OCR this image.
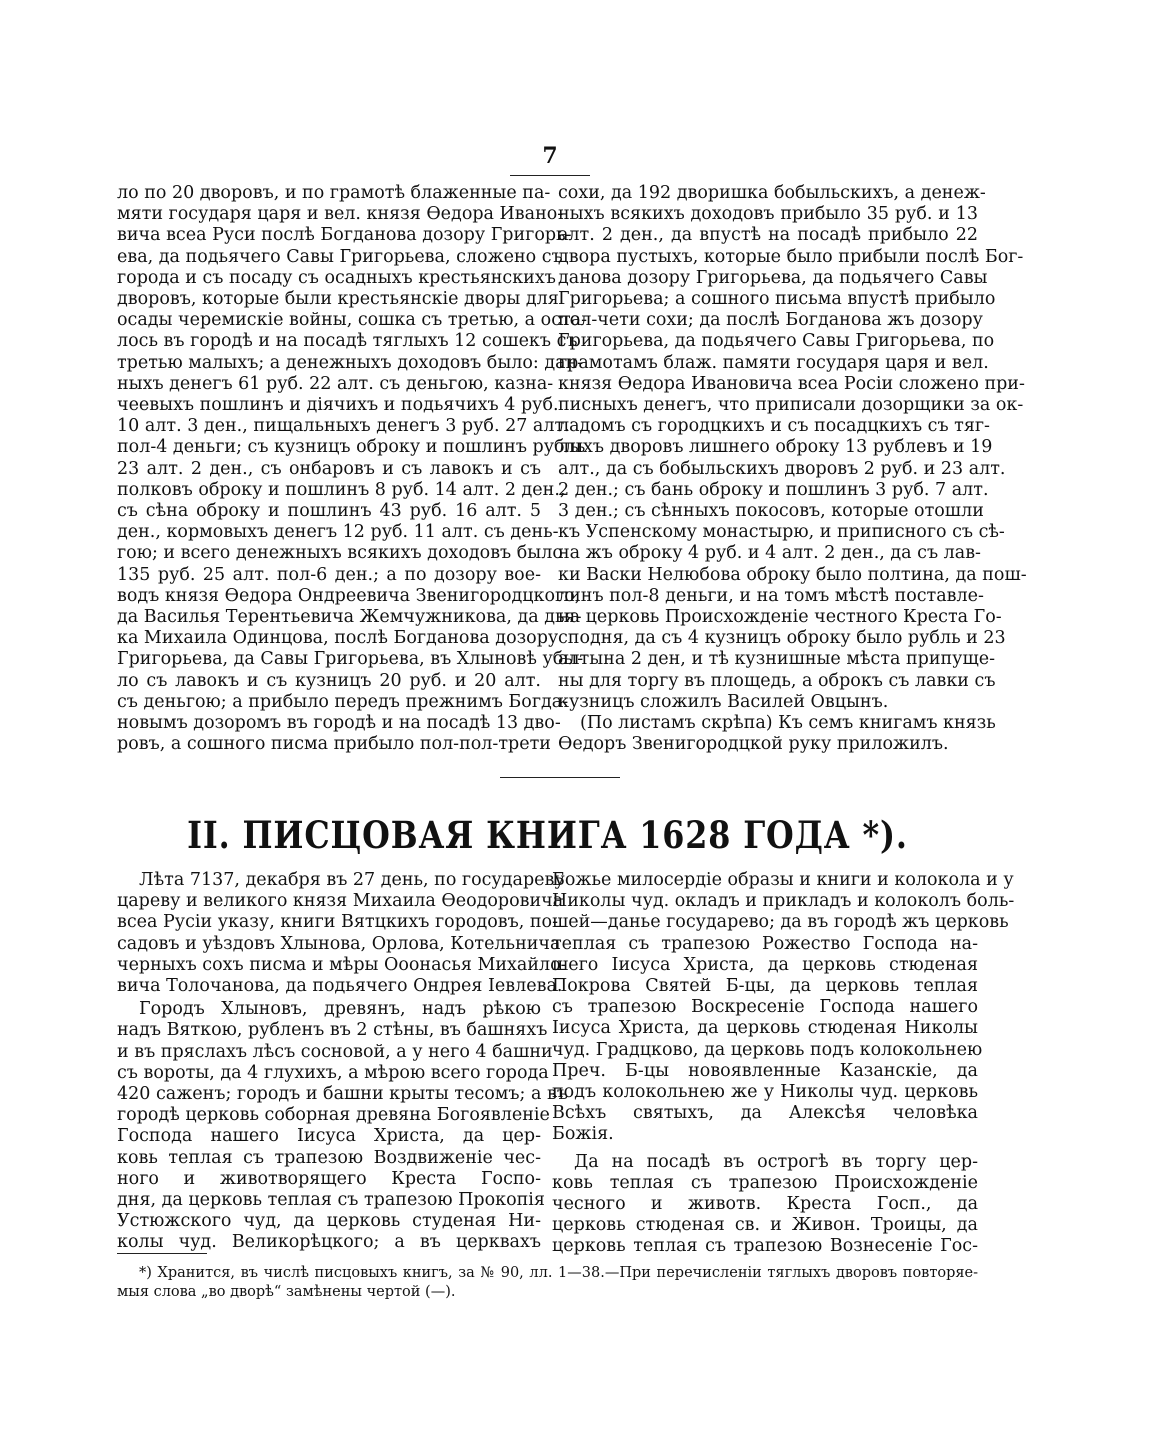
7
ло по 20 дворовъ, и по грамотѣ блаженные па-
мяти государя царя и вел. князя Ѳедора Ивано-
вича всеа Руси послѣ Богданова дозору Григорь-
ева, да подьячего Савы Григорьева, сложено съ
города и съ посаду съ осадныхъ крестьянскихъ
дворовъ, которые были крестьянскіе дворы для
осады черемискіе войны, сошка съ третью, а оста-
лось въ городѣ и на посадѣ тяглыхъ 12 сошекъ съ
третью малыхъ; а денежныхъ доходовъ было: дан-
ныхъ денегъ 61 руб. 22 алт. съ деньгою, казна-
чеевыхъ пошлинъ и дiячихъ и подьячихъ 4 руб.
10 алт. 3 ден., пищальныхъ денегъ 3 руб. 27 алт.
пол-4 деньги; съ кузницъ оброку и пошлинъ рубль
23 алт. 2 ден., съ онбаровъ и съ лавокъ и съ
полковъ оброку и пошлинъ 8 руб. 14 алт. 2 ден.,
съ сѣна оброку и пошлинъ 43 руб. 16 алт. 5
ден., кормовыхъ денегъ 12 руб. 11 алт. съ день-
гою; и всего денежныхъ всякихъ доходовъ было
135 руб. 25 алт. пол-6 ден.; а по дозору вое-
водъ князя Ѳедора Ондреевича Звенигородцкого,
да Василья Терентьевича Жемчужникова, да дья-
ка Михаила Одинцова, послѣ Богданова дозору
Григорьева, да Савы Григорьева, въ Хлыновѣ убы-
ло съ лавокъ и съ кузницъ 20 руб. и 20 алт.
съ деньгою; а прибыло передъ прежнимъ Богда-
новымъ дозоромъ въ городѣ и на посадѣ 13 дво-
ровъ, а сошного писма прибыло пол-пол-трети
сохи, да 192 дворишка бобыльскихъ, а денеж-
ныхъ всякихъ доходовъ прибыло 35 руб. и 13
алт. 2 ден., да впустѣ на посадѣ прибыло 22
двора пустыхъ, которые было прибыли послѣ Бог-
данова дозору Григорьева, да подьячего Савы
Григорьева; а сошного письма впустѣ прибыло
пол-чети сохи; да послѣ Богданова жъ дозору
Григорьева, да подьячего Савы Григорьева, по
грамотамъ блаж. памяти государя царя и вел.
князя Ѳедора Ивановича всеа Росiи сложено при-
писныхъ денегъ, что приписали дозорщики за ок-
ладомъ съ городцкихъ и съ посадцкихъ съ тяг-
лыхъ дворовъ лишнего оброку 13 рублевъ и 19
алт., да съ бобыльскихъ дворовъ 2 руб. и 23 алт.
2 ден.; съ бань оброку и пошлинъ 3 руб. 7 алт.
3 ден.; съ сѣнныхъ покосовъ, которые отошли
къ Успенскому монастырю, и приписного съ сѣ-
на жъ оброку 4 руб. и 4 алт. 2 ден., да съ лав-
ки Васки Нелюбова оброку было полтина, да пош-
линъ пол-8 деньги, и на томъ мѣстѣ поставле-
на церковь Происхожденіе честного Креста Го-
сподня, да съ 4 кузницъ оброку было рубль и 23
алтына 2 ден, и тѣ кузнишные мѣста припуще-
ны для торгу въ площедь, а оброкъ съ лавки съ
кузницъ сложилъ Василей Овцынъ.
(По листамъ скрѣпа) Къ семъ книгамъ князь
Ѳедоръ Звенигородцкой руку приложилъ.
II. ПИСЦОВАЯ КНИГА 1628 ГОДА *).
Лѣта 7137, декабря въ 27 день, по государеву
цареву и великого князя Михаила Ѳеодоровича
всеа Русiи указу, книги Вятцкихъ городовъ, по-
садовъ и уѣздовъ Хлынова, Орлова, Котельнича
черныхъ сохъ писма и мѣры Ооонасья Михайло-
вича Толочанова, да подьячего Ондрея Iевлева.
Городъ Хлыновъ, древянъ, надъ рѣкою
надъ Вяткою, рубленъ въ 2 стѣны, въ башняхъ
и въ пряслахъ лѣсъ сосновой, а у него 4 башни
съ вороты, да 4 глухихъ, а мѣрою всего города
420 саженъ; городъ и башни крыты тесомъ; а въ
городѣ церковь соборная древяна Богоявленіе
Господа нашего Iисуса Христа, да цер-
ковь теплая съ трапезою Воздвиженіе чес-
ного и животворящего Креста Госпо-
дня, да церковь теплая съ трапезою Прокопія
Устюжского чуд, да церковь студеная Ни-
колы чуд. Великорѣцкого; а въ церквахъ
Божье милосердіе образы и книги и колокола и у
Николы чуд. окладъ и прикладъ и колоколъ боль-
шей—данье государево; да въ городѣ жъ церковь
теплая съ трапезою Рожество Господа на-
шего Iисуса Христа, да церковь стюденая
Покрова Святей Б-цы, да церковь теплая
съ трапезою Воскресеніе Господа нашего
Iисуса Христа, да церковь стюденая Николы
чуд. Градцково, да церковь подъ колокольнею
Преч. Б-цы новоявленные Казанскіе, да
подъ колокольнею же у Николы чуд. церковь
Всѣхъ святыхъ, да Алексѣя человѣка
Божія.
Да на посадѣ въ острогѣ въ торгу цер-
ковь теплая съ трапезою Происхожденіе
чесного и животв. Креста Госп., да
церковь стюденая св. и Живон. Троицы, да
церковь теплая съ трапезою Вознесеніе Гос-
*) Хранится, въ числѣ писцовыхъ книгъ, за № 90, лл. 1—38.—При перечисленіи тяглыхъ дворовъ повторяе-мыя слова „во дворѣ“ замѣнены чертой (—).
